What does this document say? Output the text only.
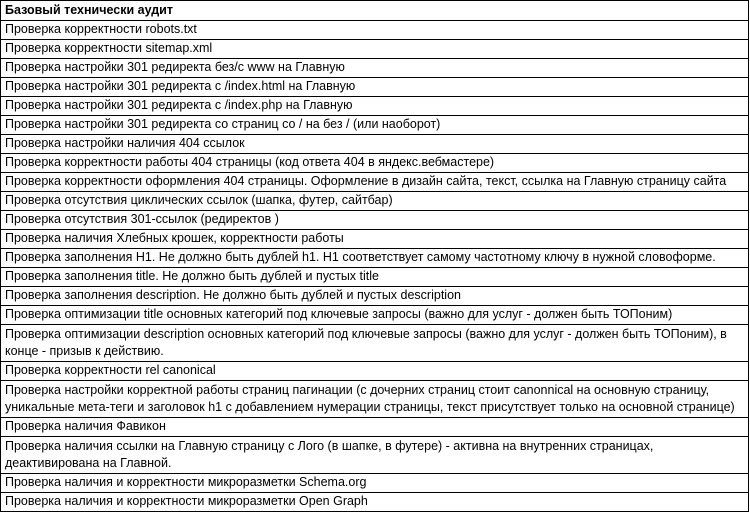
Базовый технически аудит
Проверка корректности robots.txt
Проверка корректности sitemap.xml
Проверка настройки 301 редиректа без/с www на Главную
Проверка настройки 301 редиректа с /index.html на Главную
Проверка настройки 301 редиректа с /index.php на Главную
Проверка настройки 301 редиректа со страниц со / на без / (или наоборот)
Проверка настройки наличия 404 ссылок
Проверка корректности работы 404 страницы (код ответа 404 в яндекс.вебмастере)
Проверка корректности оформления 404 страницы. Оформление в дизайн сайта, текст, ссылка на Главную страницу сайта
Проверка отсутствия циклических ссылок (шапка, футер, сайтбар)
Проверка отсутствия 301-ссылок (редиректов )
Проверка наличия Хлебных крошек, корректности работы
Проверка заполнения H1. Не должно быть дублей h1. H1 соответствует самому частотному ключу в нужной словоформе.
Проверка заполнения title. Не должно быть дублей и пустых title
Проверка заполнения description. Не должно быть дублей и пустых description
Проверка оптимизации title основных категорий под ключевые запросы (важно для услуг - должен быть ТОПоним)
Проверка оптимизации description основных категорий под ключевые запросы (важно для услуг - должен быть ТОПоним), в конце - призыв к действию.
Проверка корректности rel canonical
Проверка настройки корректной работы страниц пагинации (с дочерних страниц стоит canonnical на основную страницу, уникальные мета-теги и заголовок h1 с добавлением нумерации страницы, текст присутствует только на основной странице)
Проверка наличия Фавикон
Проверка наличия ссылки на Главную страницу с Лого (в шапке, в футере) - активна на внутренних страницах, деактивирована на Главной.
Проверка наличия и корректности микроразметки Schema.org
Проверка наличия и корректности микроразметки Open Graph
